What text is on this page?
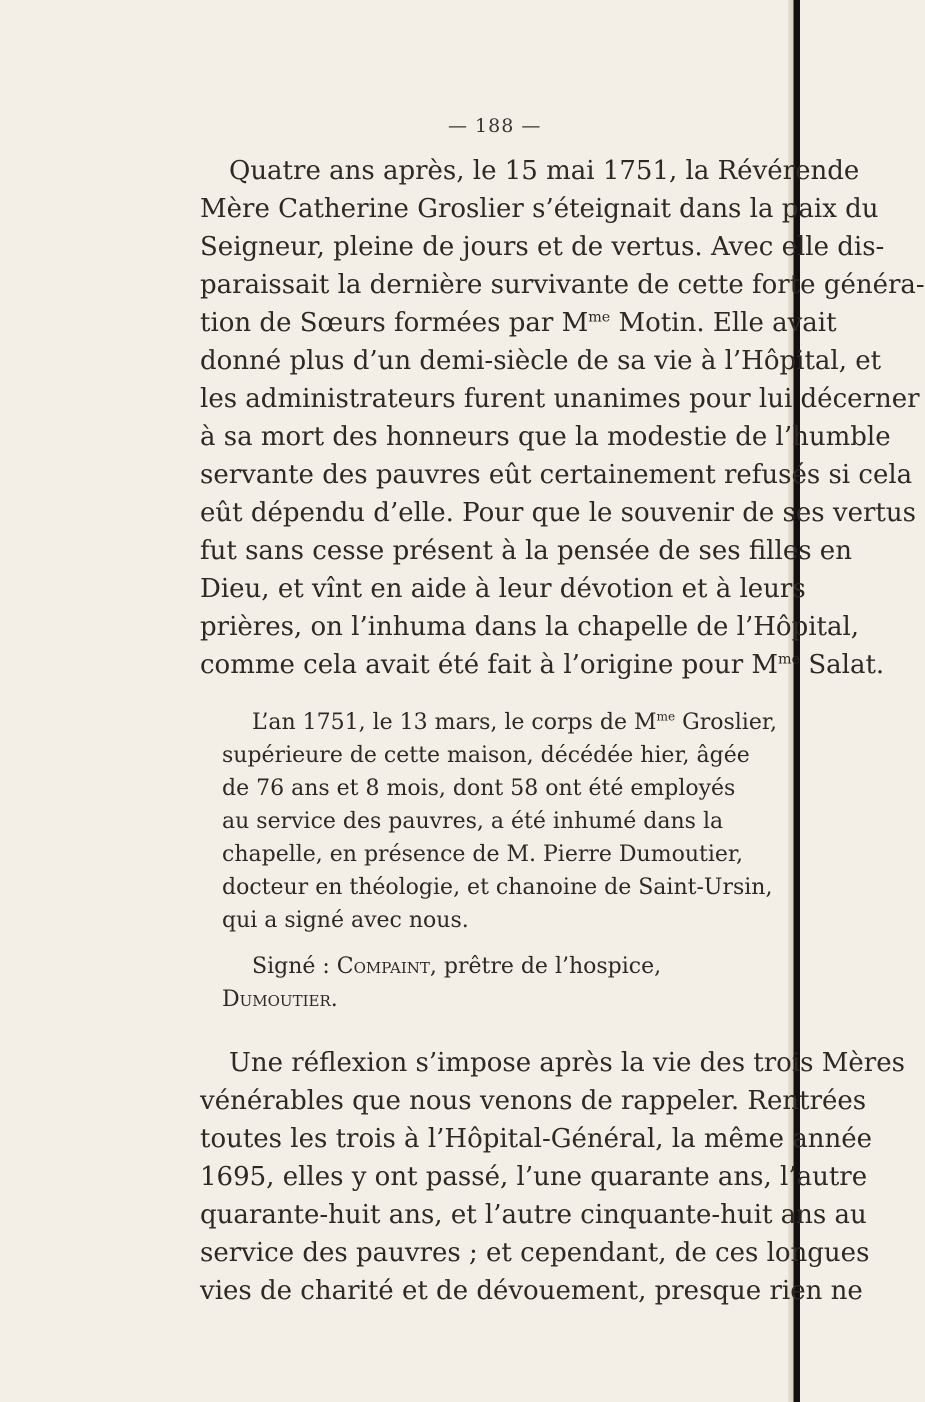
— 188 —
Quatre ans après, le 15 mai 1751, la Révérende
Mère Catherine Groslier s’éteignait dans la paix du
Seigneur, pleine de jours et de vertus. Avec elle dis-
paraissait la dernière survivante de cette forte généra-
tion de Sœurs formées par $M^{me}$ Motin. Elle avait
donné plus d’un demi-siècle de sa vie à l’Hôpital, et
les administrateurs furent unanimes pour lui décerner
à sa mort des honneurs que la modestie de l’humble
servante des pauvres eût certainement refusés si cela
eût dépendu d’elle. Pour que le souvenir de ses vertus
fut sans cesse présent à la pensée de ses filles en
Dieu, et vînt en aide à leur dévotion et à leurs
prières, on l’inhuma dans la chapelle de l’Hôpital,
comme cela avait été fait à l’origine pour $M^{me}$ Salat.
L’an 1751, le 13 mars, le corps de $M^{me}$ Groslier,
supérieure de cette maison, décédée hier, âgée
de 76 ans et 8 mois, dont 58 ont été employés
au service des pauvres, a été inhumé dans la
chapelle, en présence de M. Pierre Dumoutier,
docteur en théologie, et chanoine de Saint-Ursin,
qui a signé avec nous.
Signé : Compaint, prêtre de l’hospice,
Dumoutier.
Une réflexion s’impose après la vie des trois Mères
vénérables que nous venons de rappeler. Rentrées
toutes les trois à l’Hôpital-Général, la même année
1695, elles y ont passé, l’une quarante ans, l’autre
quarante-huit ans, et l’autre cinquante-huit ans au
service des pauvres ; et cependant, de ces longues
vies de charité et de dévouement, presque rien ne
